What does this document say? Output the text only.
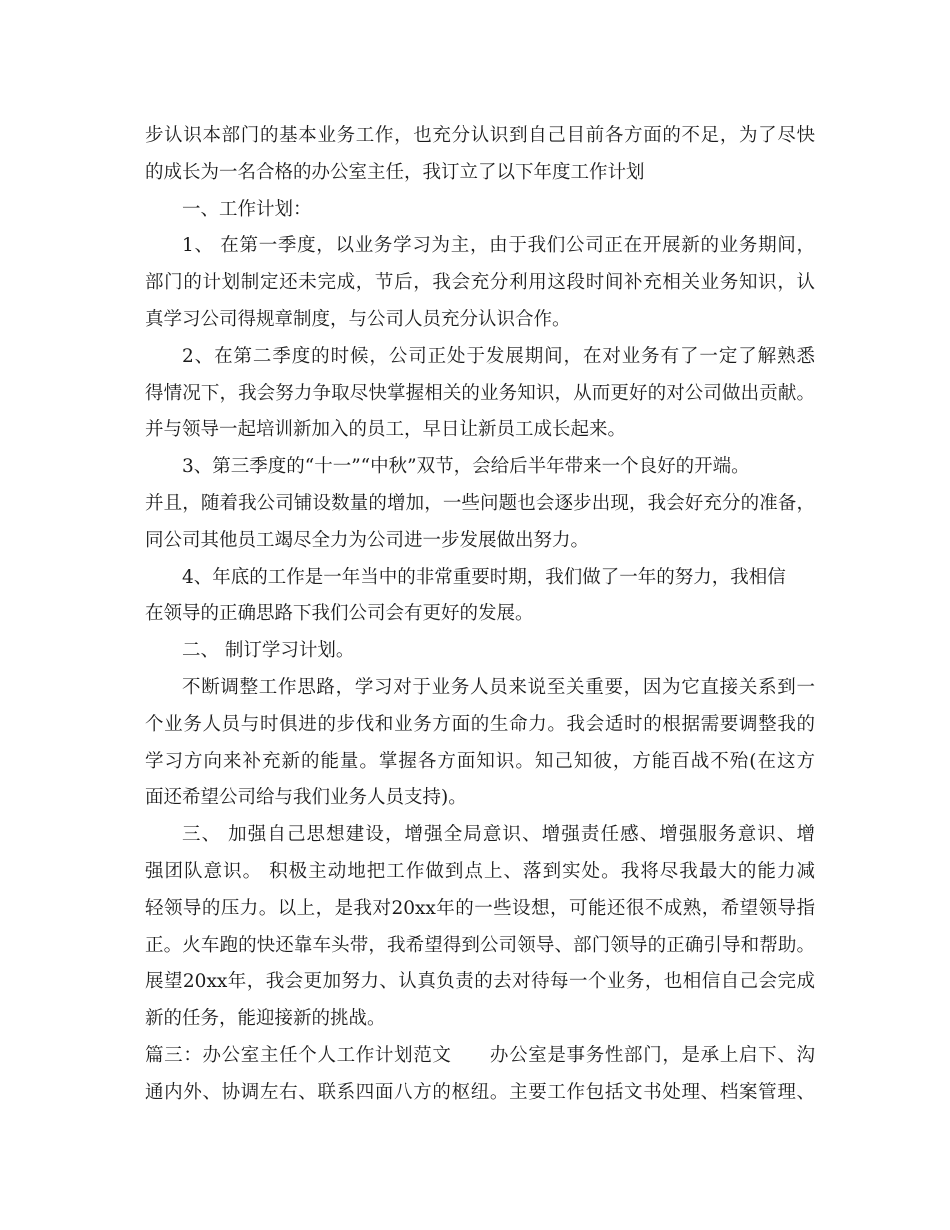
步认识本部门的基本业务工作，也充分认识到自己目前各方面的不足，为了尽快
的成长为一名合格的办公室主任，我订立了以下年度工作计划
一、工作计划：
1、 在第一季度，以业务学习为主，由于我们公司正在开展新的业务期间，
部门的计划制定还未完成，节后，我会充分利用这段时间补充相关业务知识，认
真学习公司得规章制度，与公司人员充分认识合作。
2、在第二季度的时候，公司正处于发展期间，在对业务有了一定了解熟悉
得情况下，我会努力争取尽快掌握相关的业务知识，从而更好的对公司做出贡献。
并与领导一起培训新加入的员工，早日让新员工成长起来。
3、第三季度的“十一”“中秋”双节，会给后半年带来一个良好的开端。
并且，随着我公司铺设数量的增加，一些问题也会逐步出现，我会好充分的准备，
同公司其他员工竭尽全力为公司进一步发展做出努力。
4、年底的工作是一年当中的非常重要时期，我们做了一年的努力，我相信
在领导的正确思路下我们公司会有更好的发展。
二、 制订学习计划。
不断调整工作思路，学习对于业务人员来说至关重要，因为它直接关系到一
个业务人员与时俱进的步伐和业务方面的生命力。我会适时的根据需要调整我的
学习方向来补充新的能量。掌握各方面知识。知己知彼，方能百战不殆(在这方
面还希望公司给与我们业务人员支持)。
三、 加强自己思想建设，增强全局意识、增强责任感、增强服务意识、增
强团队意识。 积极主动地把工作做到点上、落到实处。我将尽我最大的能力减
轻领导的压力。以上，是我对20xx年的一些设想，可能还很不成熟，希望领导指
正。火车跑的快还靠车头带，我希望得到公司领导、部门领导的正确引导和帮助。
展望20xx年，我会更加努力、认真负责的去对待每一个业务，也相信自己会完成
新的任务，能迎接新的挑战。
篇三：办公室主任个人工作计划范文　　办公室是事务性部门，是承上启下、沟
通内外、协调左右、联系四面八方的枢纽。主要工作包括文书处理、档案管理、
